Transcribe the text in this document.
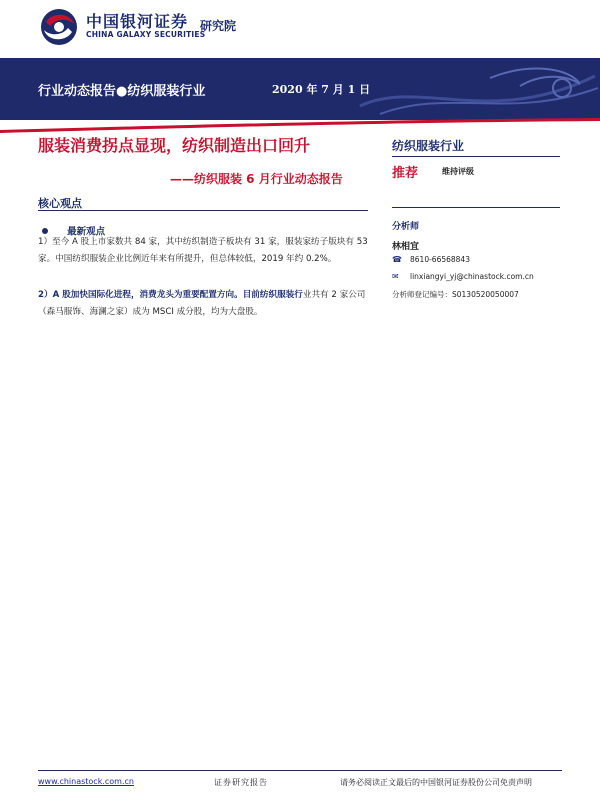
中国银河证券
CHINA GALAXY SECURITIES
研究院
行业动态报告●纺织服装行业	2020 年 7 月 1 日
服装消费拐点显现，纺织制造出口回升
——纺织服装 6 月行业动态报告
核心观点
最新观点
1）至今 A 股上市家数共 84 家，其中纺织制造子板块有 31 家，服装家纺子版块有 53 家。中国纺织服装企业比例近年来有所提升，但总体较低，2019 年约 0.2%。
2）A 股加快国际化进程，消费龙头为重要配置方向。目前纺织服装行业共有 2 家公司（森马服饰、海澜之家）成为 MSCI 成分股，均为大盘股。
纺织服装行业
推荐	维持评级
分析师
林相宜
☎ 8610-66568843
✉ linxiangyi_yj@chinastock.com.cn
分析师登记编号：S0130520050007
www.chinastock.com.cn	证券研究报告	请务必阅读正文最后的中国银河证券股份公司免责声明
